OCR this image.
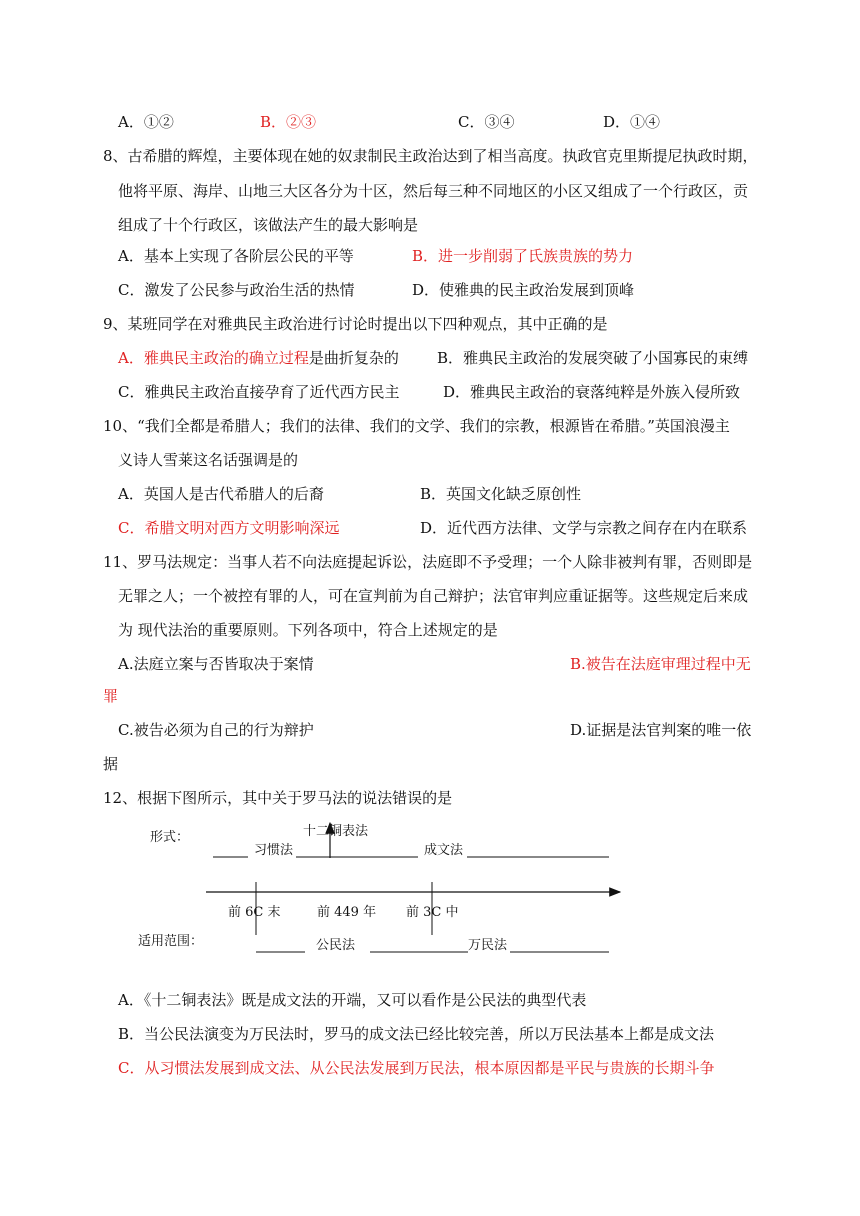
A．①②	B．②③	C．③④	D．①④
8、古希腊的辉煌，主要体现在她的奴隶制民主政治达到了相当高度。执政官克里斯提尼执政时期，
他将平原、海岸、山地三大区各分为十区，然后每三种不同地区的小区又组成了一个行政区，贡
组成了十个行政区，该做法产生的最大影响是
A．基本上实现了各阶层公民的平等	B．进一步削弱了氏族贵族的势力
C．激发了公民参与政治生活的热情	D．使雅典的民主政治发展到顶峰
9、某班同学在对雅典民主政治进行讨论时提出以下四种观点，其中正确的是
A．雅典民主政治的确立过程是曲折复杂的	B．雅典民主政治的发展突破了小国寡民的束缚
C．雅典民主政治直接孕育了近代西方民主	D．雅典民主政治的衰落纯粹是外族入侵所致
10、“我们全都是希腊人；我们的法律、我们的文学、我们的宗教，根源皆在希腊。”英国浪漫主
义诗人雪莱这名话强调是的
A．英国人是古代希腊人的后裔	B．英国文化缺乏原创性
C．希腊文明对西方文明影响深远	D．近代西方法律、文学与宗教之间存在内在联系
11、罗马法规定：当事人若不向法庭提起诉讼，法庭即不予受理；一个人除非被判有罪，否则即是
无罪之人；一个被控有罪的人，可在宣判前为自己辩护；法官审判应重证据等。这些规定后来成
为 现代法治的重要原则。下列各项中，符合上述规定的是
A.法庭立案与否皆取决于案情	B.被告在法庭审理过程中无
罪
C.被告必须为自己的行为辩护	D.证据是法官判案的唯一依
据
12、根据下图所示，其中关于罗马法的说法错误的是
形式：	十二铜表法
习惯法	成文法
前 6C 末	前 449 年 前 3C 中
适用范围：	公民法	万民法
A．《十二铜表法》既是成文法的开端，又可以看作是公民法的典型代表
B．当公民法演变为万民法时，罗马的成文法已经比较完善，所以万民法基本上都是成文法
C．从习惯法发展到成文法、从公民法发展到万民法，根本原因都是平民与贵族的长期斗争
